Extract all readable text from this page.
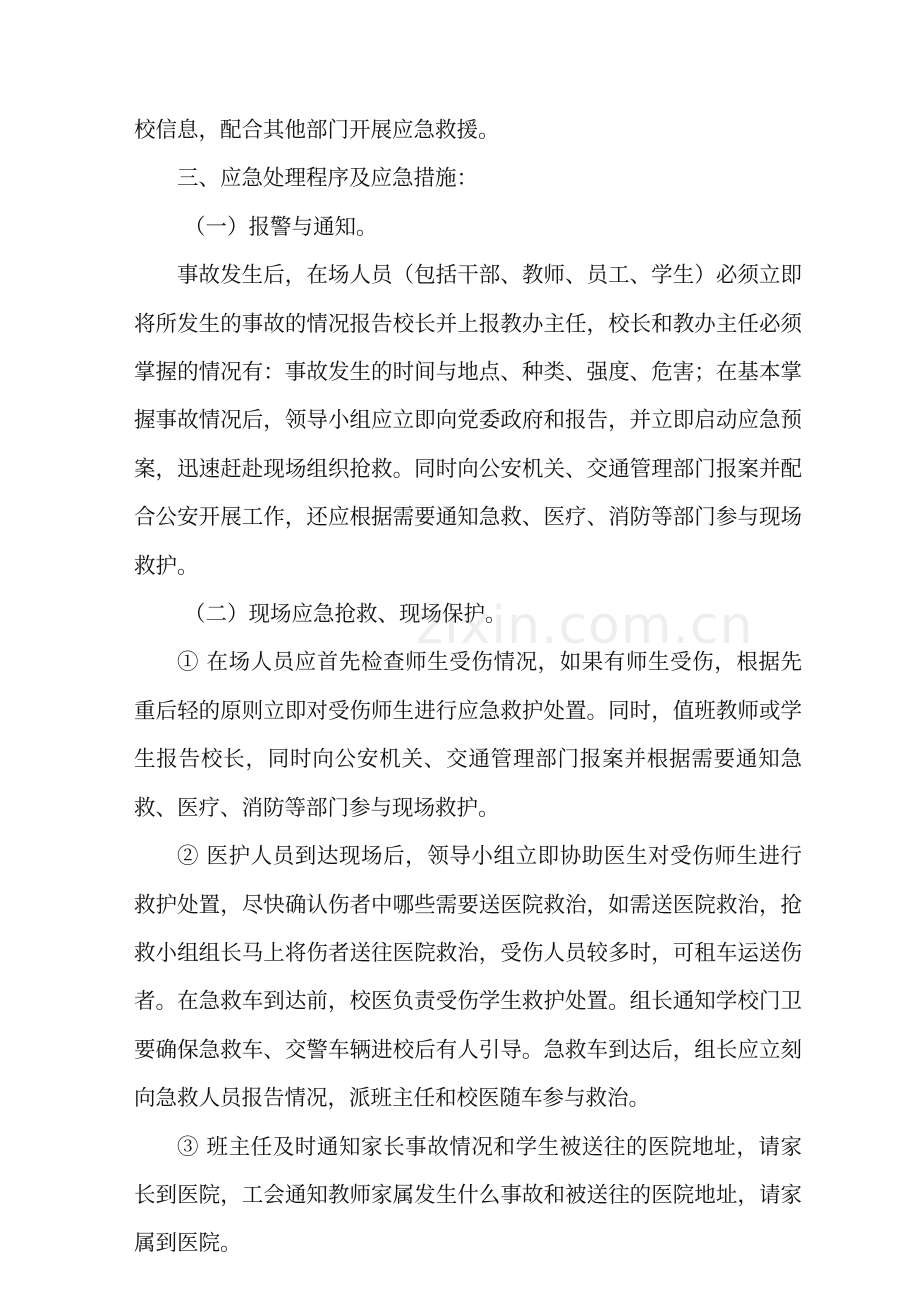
校信息，配合其他部门开展应急救援。

三、应急处理程序及应急措施：

（一）报警与通知。

事故发生后，在场人员（包括干部、教师、员工、学生）必须立即将所发生的事故的情况报告校长并上报教办主任，校长和教办主任必须掌握的情况有：事故发生的时间与地点、种类、强度、危害；在基本掌握事故情况后，领导小组应立即向党委政府和报告，并立即启动应急预案，迅速赶赴现场组织抢救。同时向公安机关、交通管理部门报案并配合公安开展工作，还应根据需要通知急救、医疗、消防等部门参与现场救护。

（二）现场应急抢救、现场保护。

① 在场人员应首先检查师生受伤情况，如果有师生受伤，根据先重后轻的原则立即对受伤师生进行应急救护处置。同时，值班教师或学生报告校长，同时向公安机关、交通管理部门报案并根据需要通知急救、医疗、消防等部门参与现场救护。

② 医护人员到达现场后，领导小组立即协助医生对受伤师生进行救护处置，尽快确认伤者中哪些需要送医院救治，如需送医院救治，抢救小组组长马上将伤者送往医院救治，受伤人员较多时，可租车运送伤者。在急救车到达前，校医负责受伤学生救护处置。组长通知学校门卫要确保急救车、交警车辆进校后有人引导。急救车到达后，组长应立刻向急救人员报告情况，派班主任和校医随车参与救治。

③ 班主任及时通知家长事故情况和学生被送往的医院地址，请家长到医院，工会通知教师家属发生什么事故和被送往的医院地址，请家属到医院。

zixin.com.cn
